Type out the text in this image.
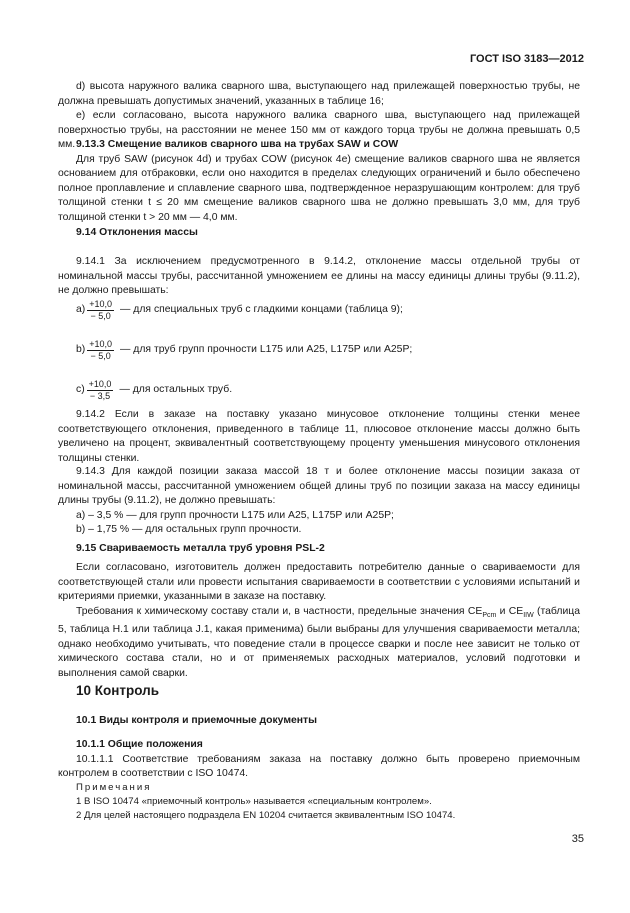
ГОСТ ISO 3183—2012

d) высота наружного валика сварного шва, выступающего над прилежащей поверхностью трубы, не должна превышать допустимых значений, указанных в таблице 16;

e) если согласовано, высота наружного валика сварного шва, выступающего над прилежащей поверхностью трубы, на расстоянии не менее 150 мм от каждого торца трубы не должна превышать 0,5 мм. 9.13.3 Смещение валиков сварного шва на трубах SAW и COW

Для труб SAW (рисунок 4d) и трубах COW (рисунок 4e) смещение валиков сварного шва не является основанием для отбраковки, если оно находится в пределах следующих ограничений и было обеспечено полное проплавление и сплавление сварного шва, подтвержденное неразрушающим контролем: для труб толщиной стенки t ≤ 20 мм смещение валиков сварного шва не должно превышать 3,0 мм, для труб толщиной стенки t > 20 мм — 4,0 мм.

9.14 Отклонения массы

9.14.1 За исключением предусмотренного в 9.14.2, отклонение массы отдельной трубы от номинальной массы трубы, рассчитанной умножением ее длины на массу единицы длины трубы (9.11.2), не должно превышать:

$a) \frac{+10,0}{- 5,0}$ — для специальных труб с гладкими концами (таблица 9);
$b) \frac{+10,0}{- 5,0}$ — для труб групп прочности L175 или A25, L175P или A25P;
$c) \frac{+10,0}{- 3,5}$ — для остальных труб.

9.14.2 Если в заказе на поставку указано минусовое отклонение толщины стенки менее соответствующего отклонения, приведенного в таблице 11, плюсовое отклонение массы должно быть увеличено на процент, эквивалентный соответствующему проценту уменьшения минусового отклонения толщины стенки.

9.14.3 Для каждой позиции заказа массой 18 т и более отклонение массы позиции заказа от номинальной массы, рассчитанной умножением общей длины труб по позиции заказа на массу единицы длины трубы (9.11.2), не должно превышать:

a) – 3,5 % — для групп прочности L175 или A25, L175P или A25P;

b) – 1,75 % — для остальных групп прочности.

9.15 Свариваемость металла труб уровня PSL-2

Если согласовано, изготовитель должен предоставить потребителю данные о свариваемости для соответствующей стали или провести испытания свариваемости в соответствии с условиями испытаний и критериями приемки, указанными в заказе на поставку.

Требования к химическому составу стали и, в частности, предельные значения $CE_{Pcm}$ и $CE_{IIW}$ (таблица 5, таблица H.1 или таблица J.1, какая применима) были выбраны для улучшения свариваемости металла; однако необходимо учитывать, что поведение стали в процессе сварки и после нее зависит не только от химического состава стали, но и от применяемых расходных материалов, условий подготовки и выполнения самой сварки.

10 Контроль

10.1 Виды контроля и приемочные документы

10.1.1 Общие положения

10.1.1.1 Соответствие требованиям заказа на поставку должно быть проверено приемочным контролем в соответствии с ISO 10474.

Примечания

1 В ISO 10474 «приемочный контроль» называется «специальным контролем».

2 Для целей настоящего подраздела EN 10204 считается эквивалентным ISO 10474.

35
